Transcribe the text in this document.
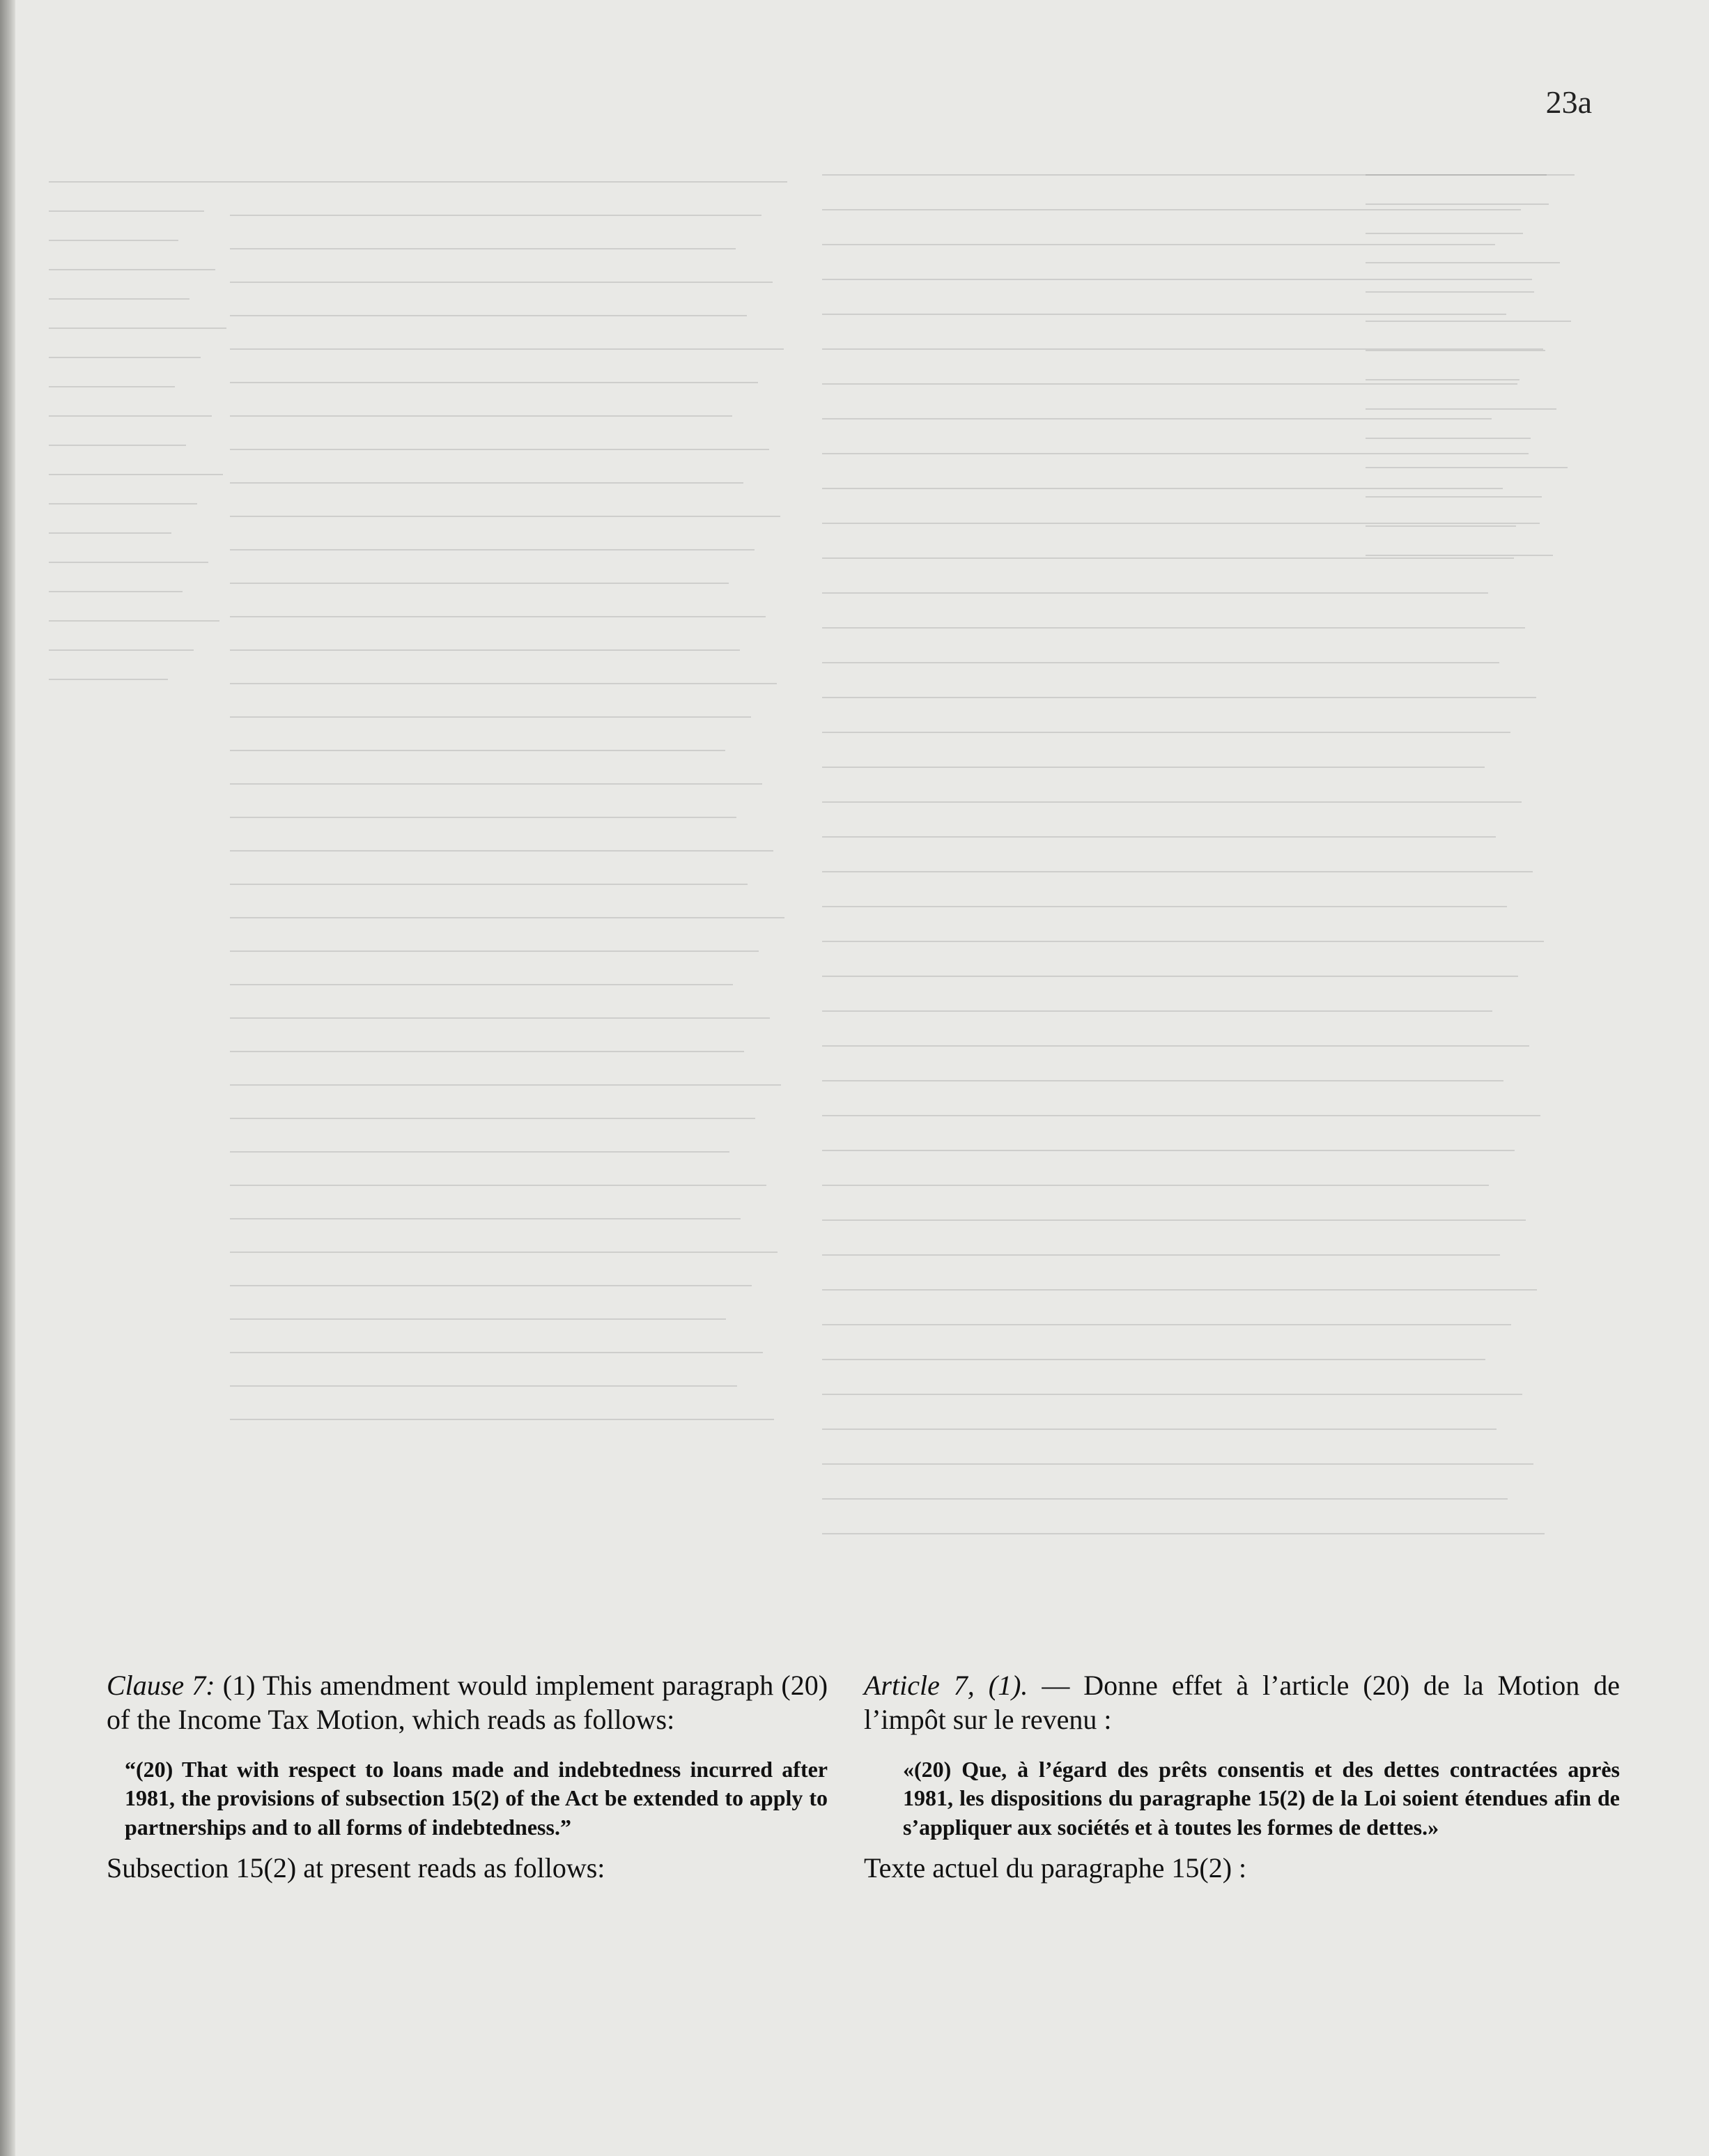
23a

Clause 7: (1) This amendment would implement paragraph (20) of the Income Tax Motion, which reads as follows:

“(20) That with respect to loans made and indebtedness incurred after 1981, the provisions of subsection 15(2) of the Act be extended to apply to partnerships and to all forms of indebtedness.”

Subsection 15(2) at present reads as follows:

Article 7, (1). — Donne effet à l’article (20) de la Motion de l’impôt sur le revenu :

«(20) Que, à l’égard des prêts consentis et des dettes contractées après 1981, les dispositions du paragraphe 15(2) de la Loi soient étendues afin de s’appliquer aux sociétés et à toutes les formes de dettes.»

Texte actuel du paragraphe 15(2) :
